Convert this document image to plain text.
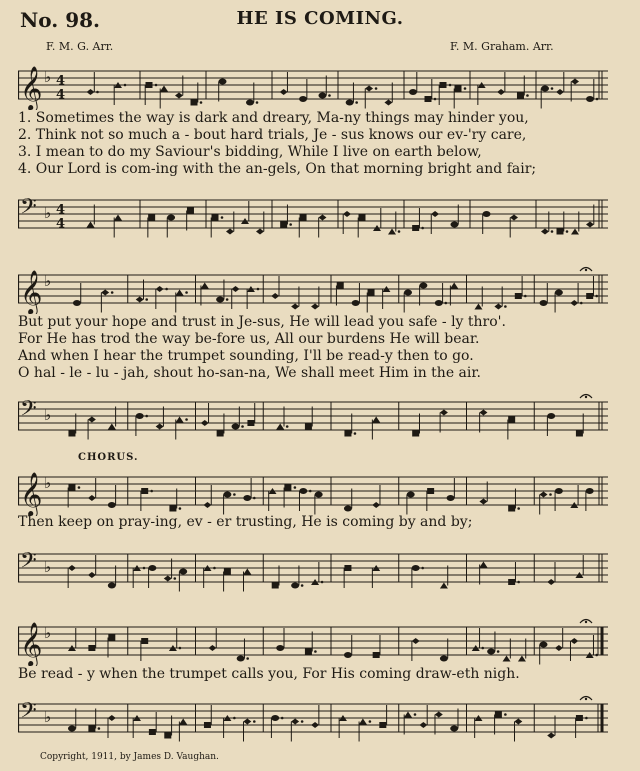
No. 98.	HE IS COMING.
F. M. G. Arr.	F. M. Graham. Arr.
𝄞 ♭ 4
4
1. Sometimes the way is dark and dreary, Ma-ny things may hinder you,
2. Think not so much a - bout hard trials, Je - sus knows our ev-'ry care,
3. I mean to do my Saviour's bidding, While I live on earth below,
4. Our Lord is com-ing with the an-gels, On that morning bright and fair;
𝄢 ♭ 4
4
𝄞 ♭
But put your hope and trust in Je-sus, He will lead you safe - ly thro'.
For He has trod the way be-fore us, All our burdens He will bear.
And when I hear the trumpet sounding, I'll be read-y then to go.
O hal - le - lu - jah, shout ho-san-na, We shall meet Him in the air.
𝄢 ♭
CHORUS.
𝄞 ♭
Then keep on pray-ing, ev - er trusting, He is coming by and by;
𝄢 ♭
𝄞 ♭
Be read - y when the trumpet calls you, For His coming draw-eth nigh.
𝄢 ♭
Copyright, 1911, by James D. Vaughan.
